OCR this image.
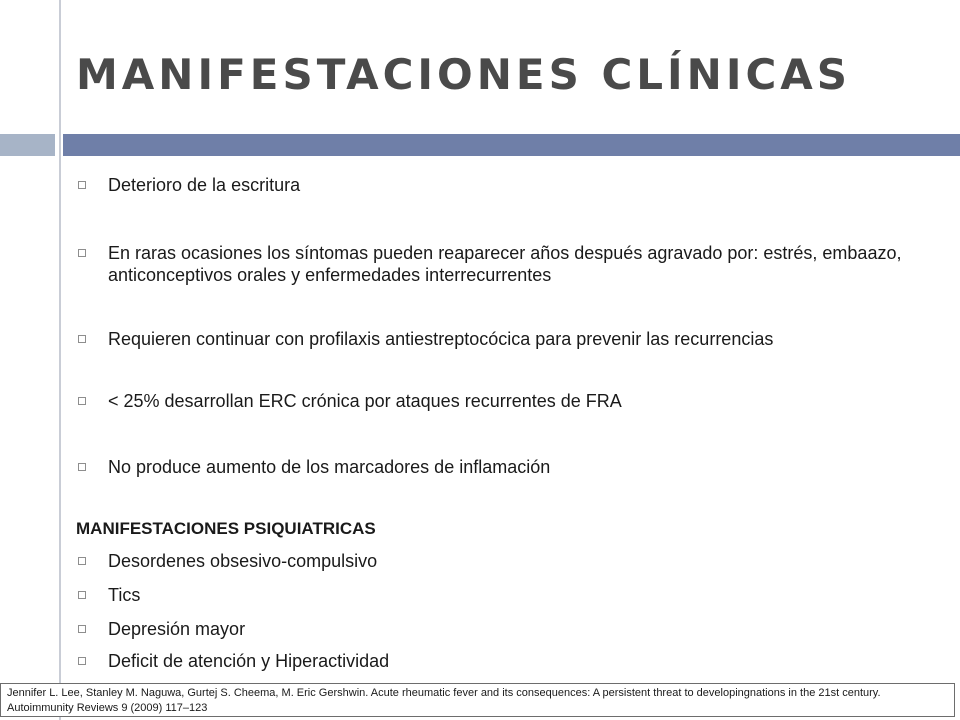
MANIFESTACIONES CLÍNICAS
Deterioro de la escritura
En raras ocasiones los síntomas pueden reaparecer años después agravado por: estrés, embaazo, anticonceptivos orales y enfermedades interrecurrentes
Requieren continuar con profilaxis antiestreptocócica para prevenir las recurrencias
< 25% desarrollan ERC crónica por ataques recurrentes de FRA
No produce aumento de los marcadores de inflamación
MANIFESTACIONES PSIQUIATRICAS
Desordenes obsesivo-compulsivo
Tics
Depresión mayor
Deficit de atención y Hiperactividad
Jennifer L. Lee, Stanley M. Naguwa, Gurtej S. Cheema, M. Eric Gershwin. Acute rheumatic fever and its consequences: A persistent threat to developingnations in the 21st century. Autoimmunity Reviews 9 (2009) 117–123
